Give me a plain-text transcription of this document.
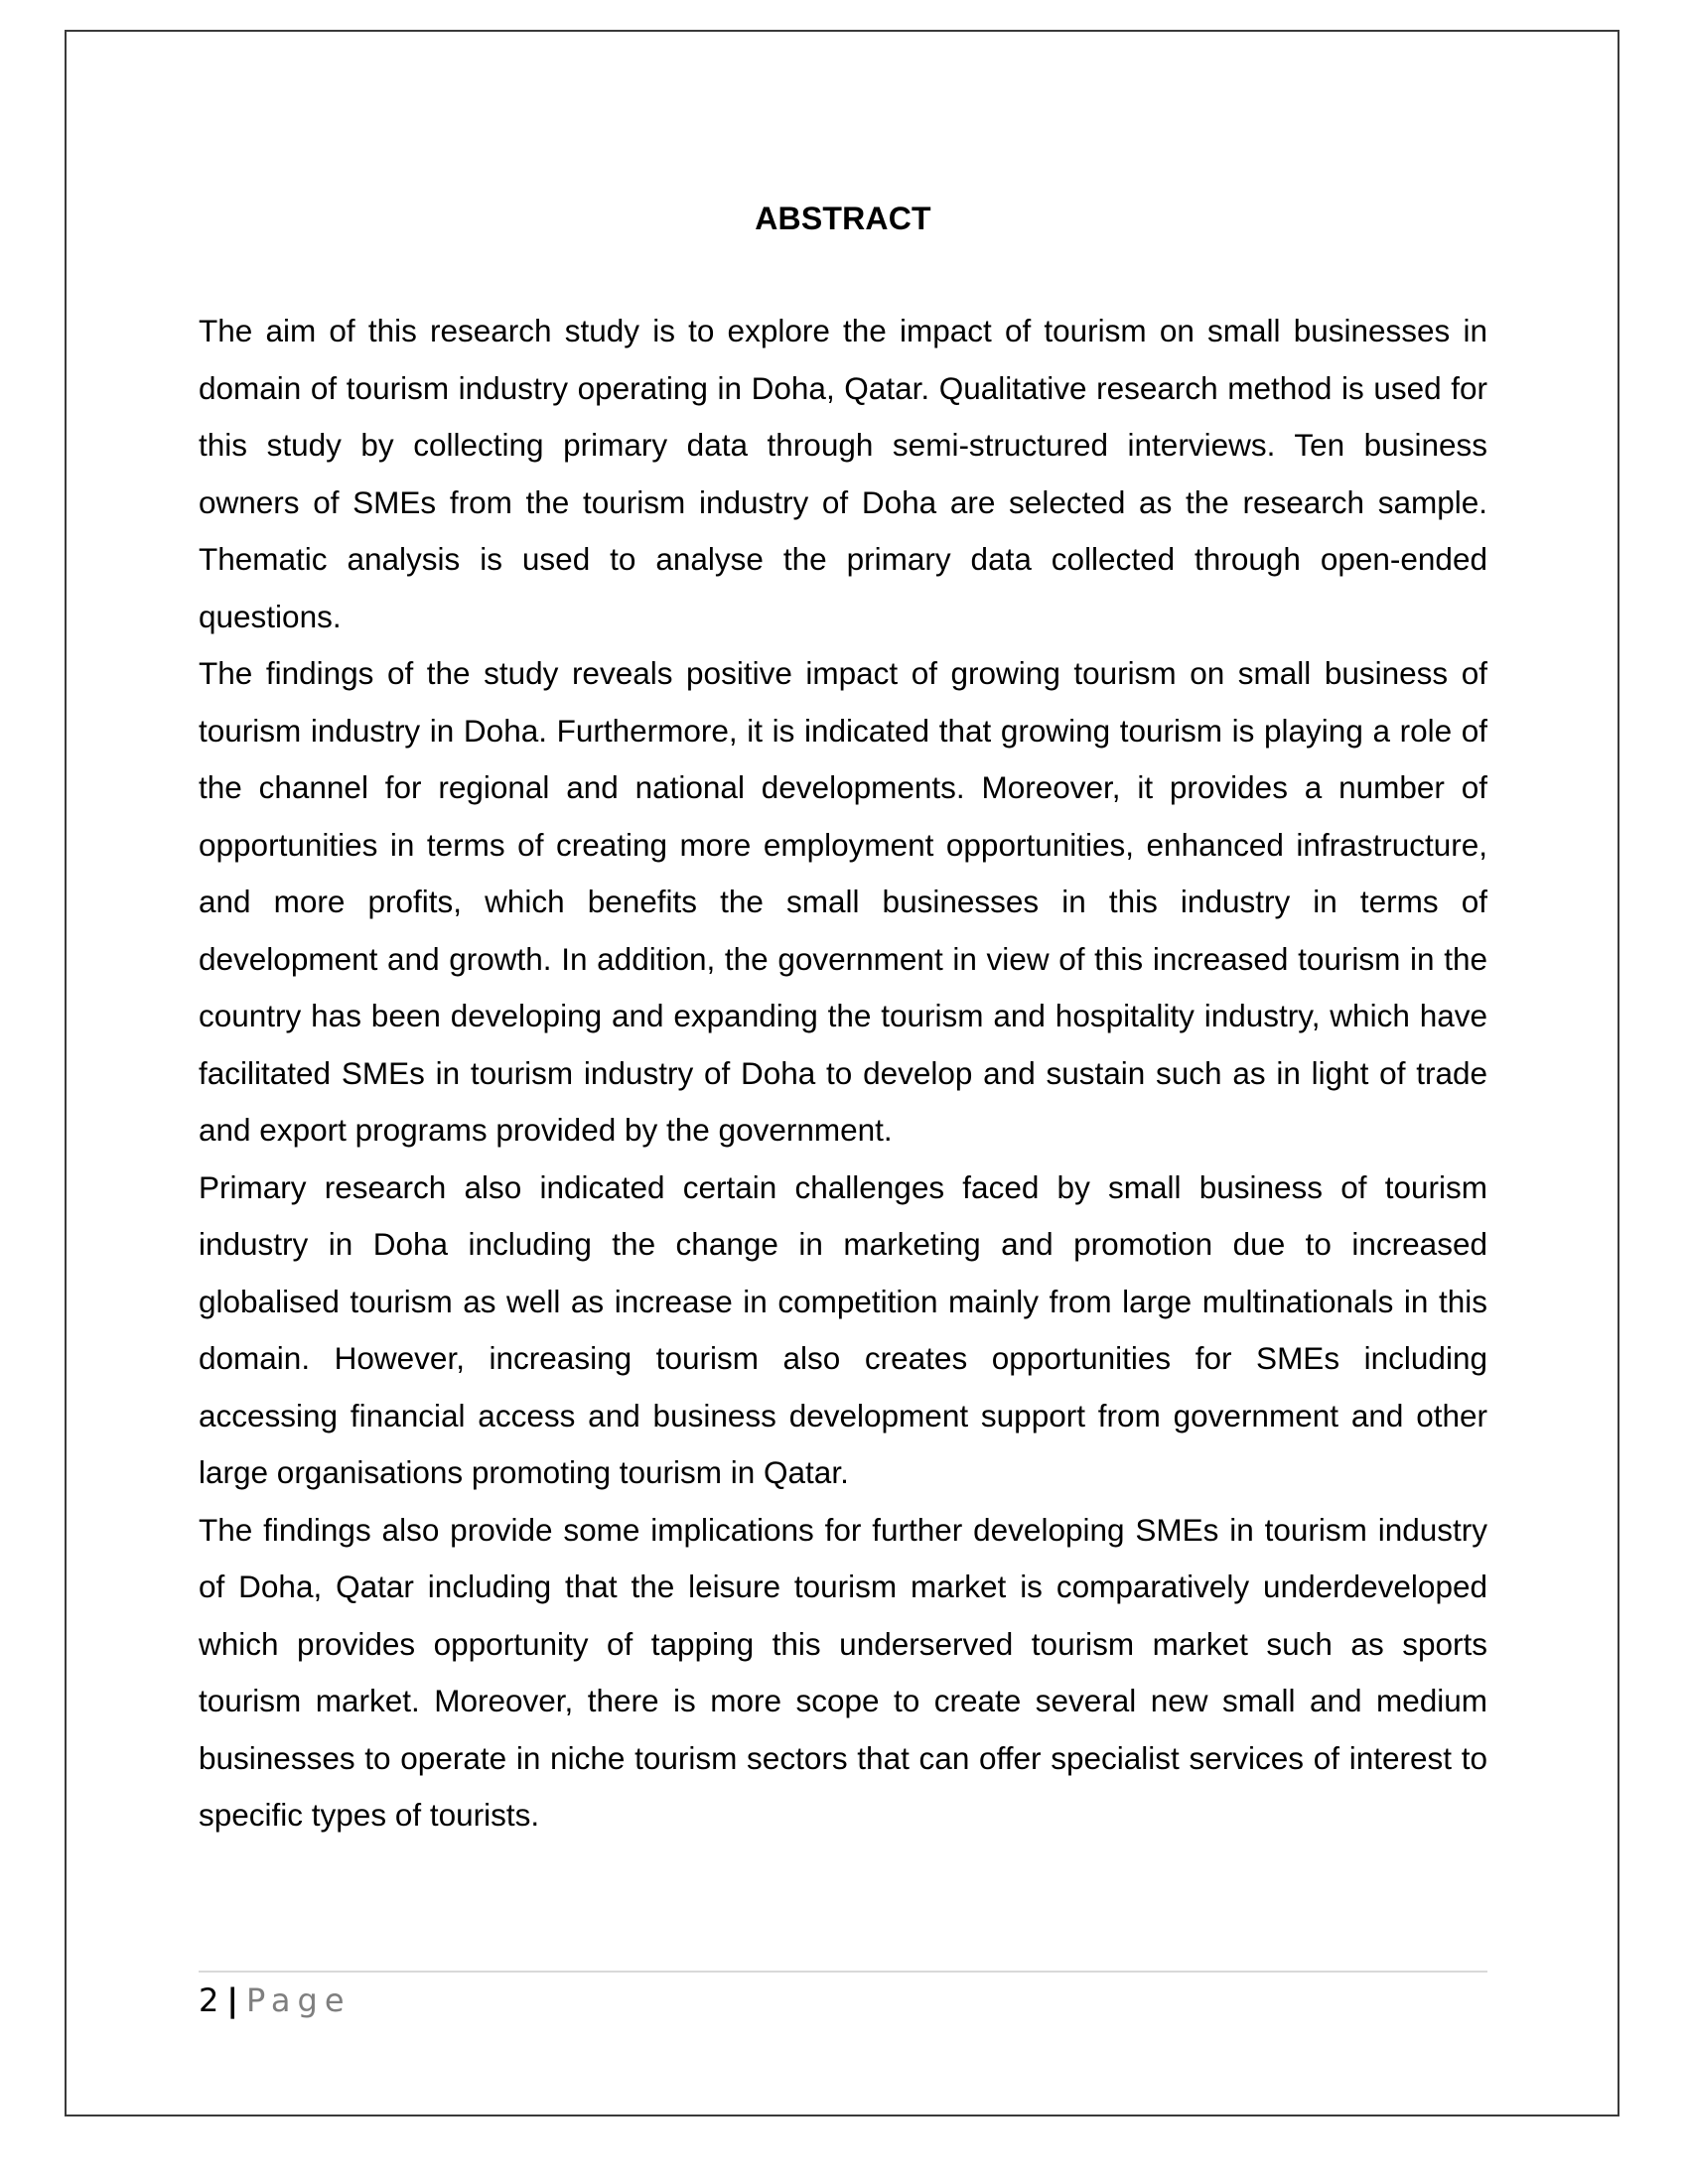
ABSTRACT

The aim of this research study is to explore the impact of tourism on small businesses in domain of tourism industry operating in Doha, Qatar. Qualitative research method is used for this study by collecting primary data through semi-structured interviews. Ten business owners of SMEs from the tourism industry of Doha are selected as the research sample. Thematic analysis is used to analyse the primary data collected through open-ended questions.

The findings of the study reveals positive impact of growing tourism on small business of tourism industry in Doha. Furthermore, it is indicated that growing tourism is playing a role of the channel for regional and national developments. Moreover, it provides a number of opportunities in terms of creating more employment opportunities, enhanced infrastructure, and more profits, which benefits the small businesses in this industry in terms of development and growth. In addition, the government in view of this increased tourism in the country has been developing and expanding the tourism and hospitality industry, which have facilitated SMEs in tourism industry of Doha to develop and sustain such as in light of trade and export programs provided by the government.

Primary research also indicated certain challenges faced by small business of tourism industry in Doha including the change in marketing and promotion due to increased globalised tourism as well as increase in competition mainly from large multinationals in this domain. However, increasing tourism also creates opportunities for SMEs including accessing financial access and business development support from government and other large organisations promoting tourism in Qatar.

The findings also provide some implications for further developing SMEs in tourism industry of Doha, Qatar including that the leisure tourism market is comparatively underdeveloped which provides opportunity of tapping this underserved tourism market such as sports tourism market. Moreover, there is more scope to create several new small and medium businesses to operate in niche tourism sectors that can offer specialist services of interest to specific types of tourists.

2 | Page
